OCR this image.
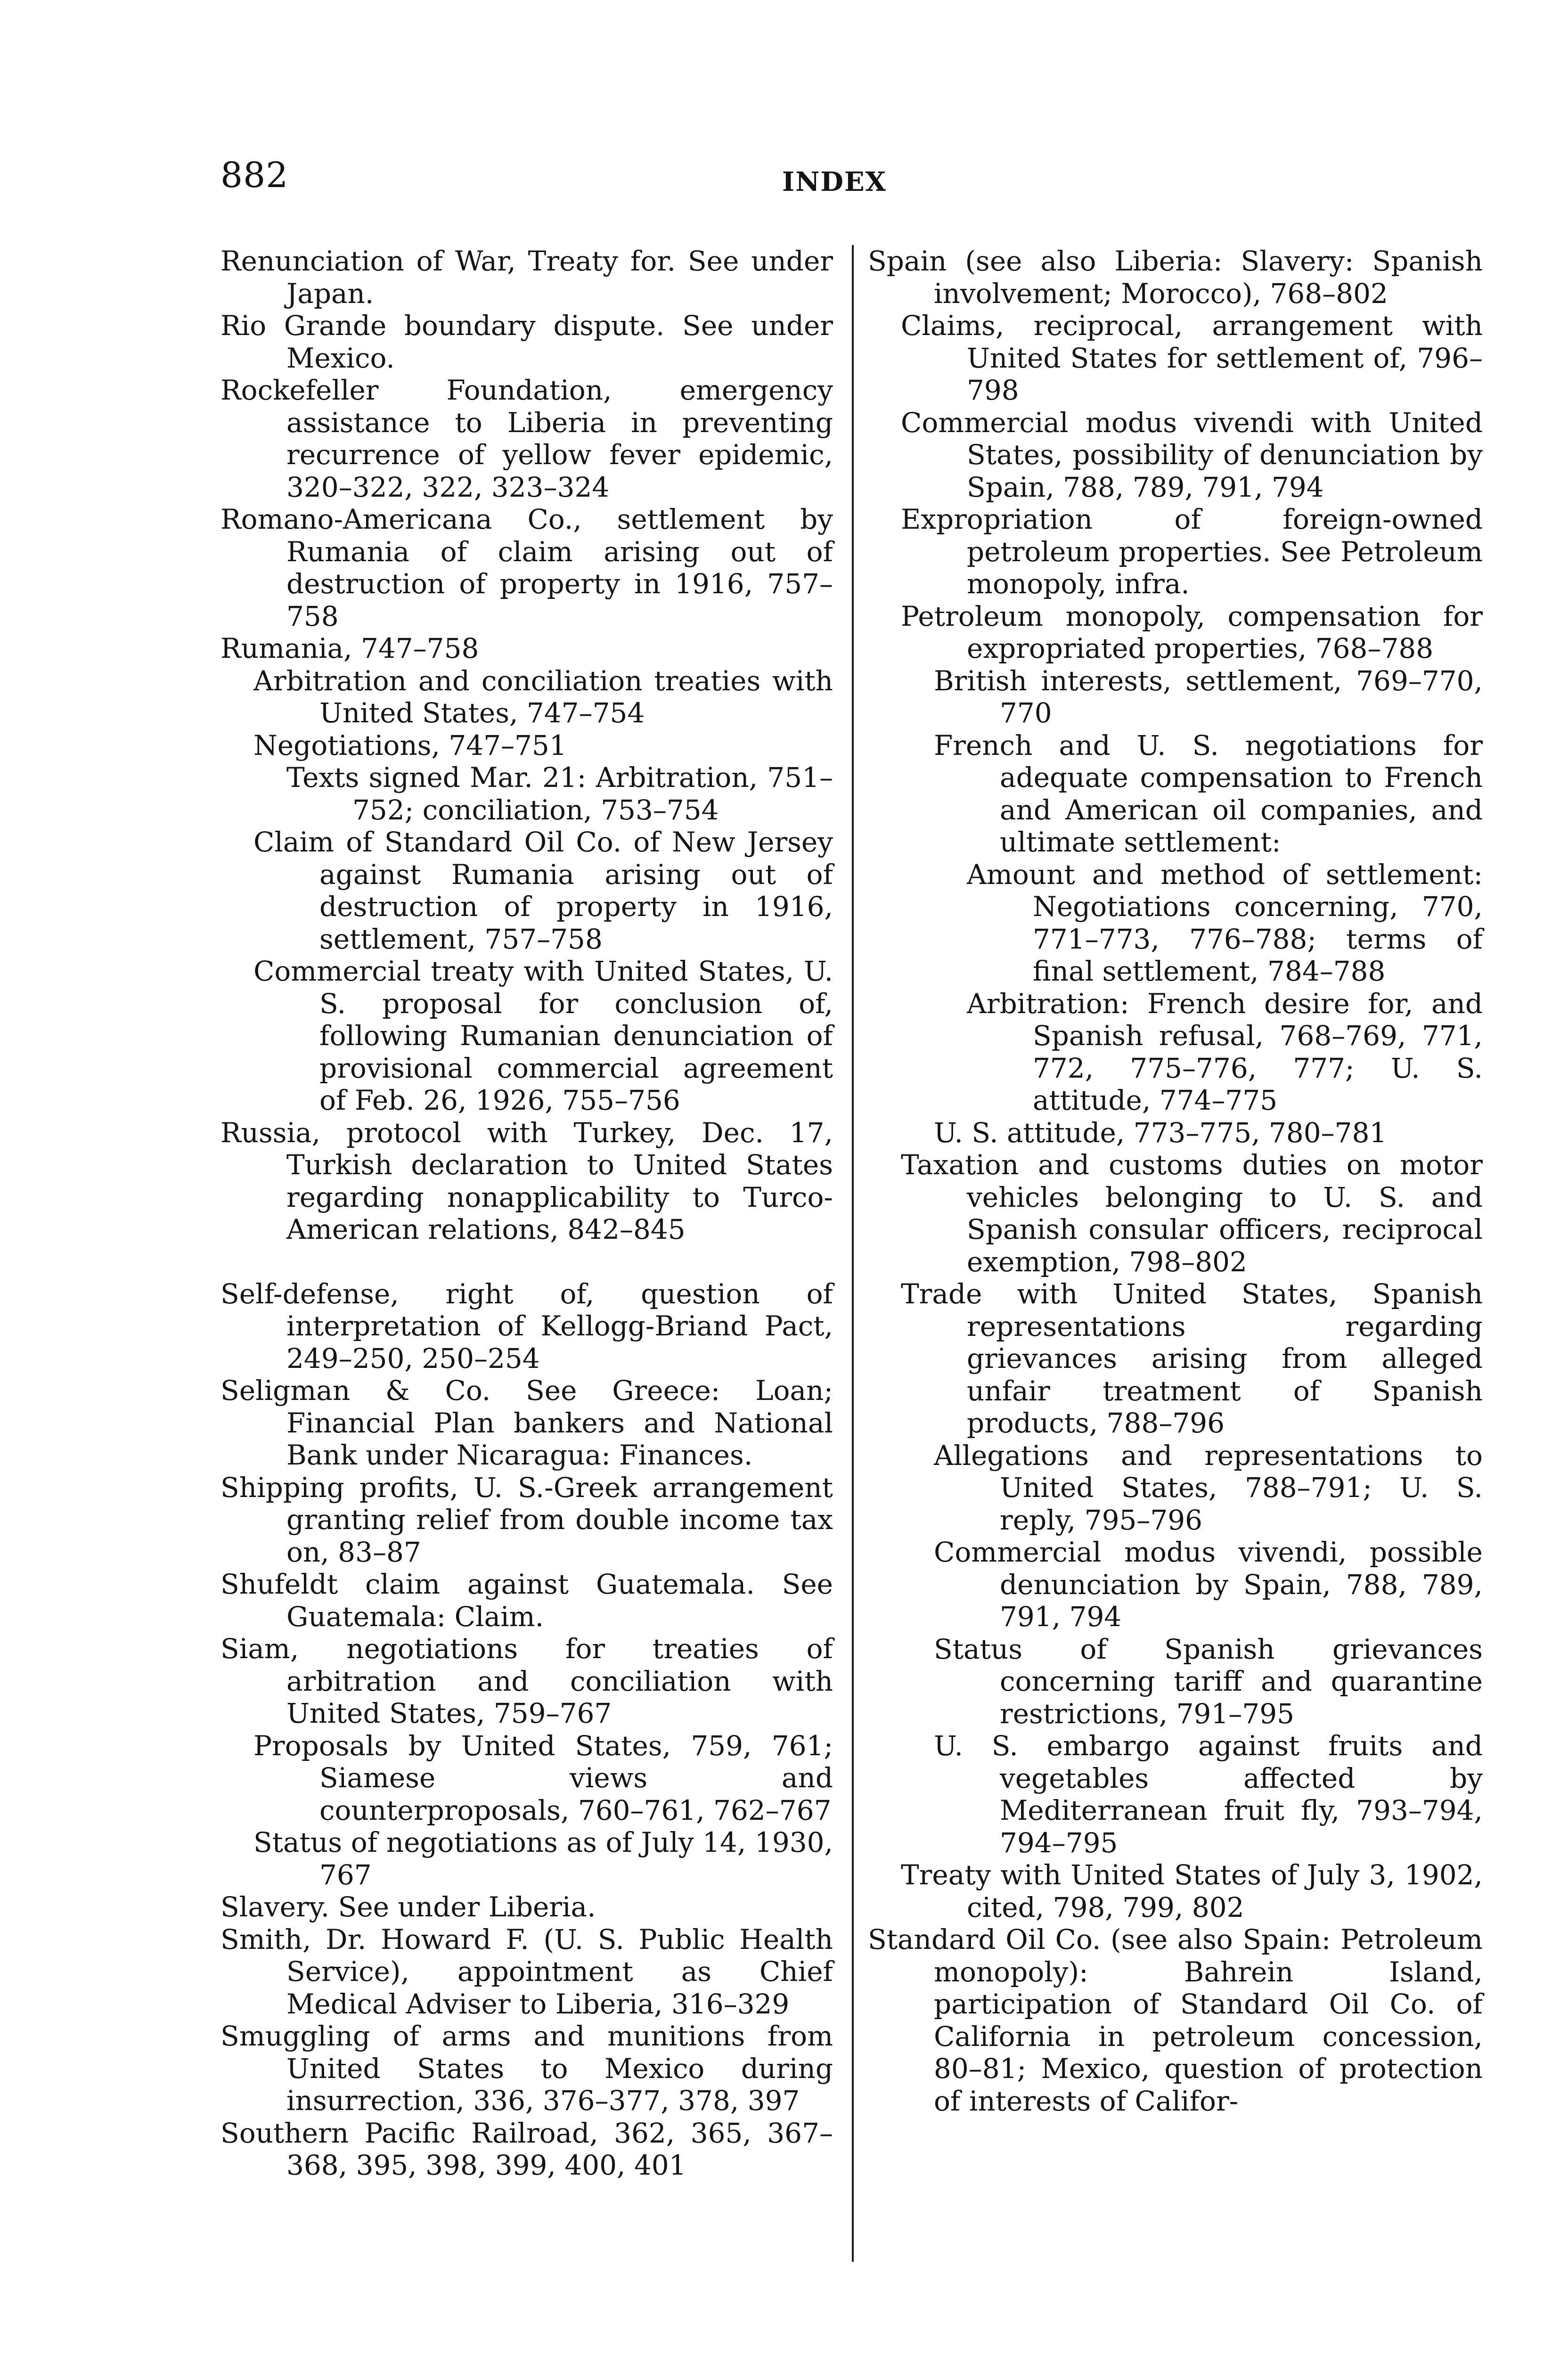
882	INDEX

Renunciation of War, Treaty for. See under Japan.

Rio Grande boundary dispute. See under Mexico.

Rockefeller Foundation, emergency assistance to Liberia in preventing recurrence of yellow fever epidemic, 320–322, 322, 323–324

Romano-Americana Co., settlement by Rumania of claim arising out of destruction of property in 1916, 757–758

Rumania, 747–758

Arbitration and conciliation treaties with United States, 747–754

Negotiations, 747–751

Texts signed Mar. 21: Arbitration, 751–752; conciliation, 753–754

Claim of Standard Oil Co. of New Jersey against Rumania arising out of destruction of property in 1916, settlement, 757–758

Commercial treaty with United States, U. S. proposal for conclusion of, following Rumanian denunciation of provisional commercial agreement of Feb. 26, 1926, 755–756

Russia, protocol with Turkey, Dec. 17, Turkish declaration to United States regarding nonapplicability to Turco-American relations, 842–845

Self-defense, right of, question of interpretation of Kellogg-Briand Pact, 249–250, 250–254

Seligman & Co. See Greece: Loan; Financial Plan bankers and National Bank under Nicaragua: Finances.

Shipping profits, U. S.-Greek arrangement granting relief from double income tax on, 83–87

Shufeldt claim against Guatemala. See Guatemala: Claim.

Siam, negotiations for treaties of arbitration and conciliation with United States, 759–767

Proposals by United States, 759, 761; Siamese views and counterproposals, 760–761, 762–767

Status of negotiations as of July 14, 1930, 767

Slavery. See under Liberia.

Smith, Dr. Howard F. (U. S. Public Health Service), appointment as Chief Medical Adviser to Liberia, 316–329

Smuggling of arms and munitions from United States to Mexico during insurrection, 336, 376–377, 378, 397

Southern Pacific Railroad, 362, 365, 367–368, 395, 398, 399, 400, 401

Spain (see also Liberia: Slavery: Spanish involvement; Morocco), 768–802

Claims, reciprocal, arrangement with United States for settlement of, 796–798

Commercial modus vivendi with United States, possibility of denunciation by Spain, 788, 789, 791, 794

Expropriation of foreign-owned petroleum properties. See Petroleum monopoly, infra.

Petroleum monopoly, compensation for expropriated properties, 768–788

British interests, settlement, 769–770, 770

French and U. S. negotiations for adequate compensation to French and American oil companies, and ultimate settlement:

Amount and method of settlement: Negotiations concerning, 770, 771–773, 776–788; terms of final settlement, 784–788

Arbitration: French desire for, and Spanish refusal, 768–769, 771, 772, 775–776, 777; U. S. attitude, 774–775

U. S. attitude, 773–775, 780–781

Taxation and customs duties on motor vehicles belonging to U. S. and Spanish consular officers, reciprocal exemption, 798–802

Trade with United States, Spanish representations regarding grievances arising from alleged unfair treatment of Spanish products, 788–796

Allegations and representations to United States, 788–791; U. S. reply, 795–796

Commercial modus vivendi, possible denunciation by Spain, 788, 789, 791, 794

Status of Spanish grievances concerning tariff and quarantine restrictions, 791–795

U. S. embargo against fruits and vegetables affected by Mediterranean fruit fly, 793–794, 794–795

Treaty with United States of July 3, 1902, cited, 798, 799, 802

Standard Oil Co. (see also Spain: Petroleum monopoly): Bahrein Island, participation of Standard Oil Co. of California in petroleum concession, 80–81; Mexico, question of protection of interests of Califor-
